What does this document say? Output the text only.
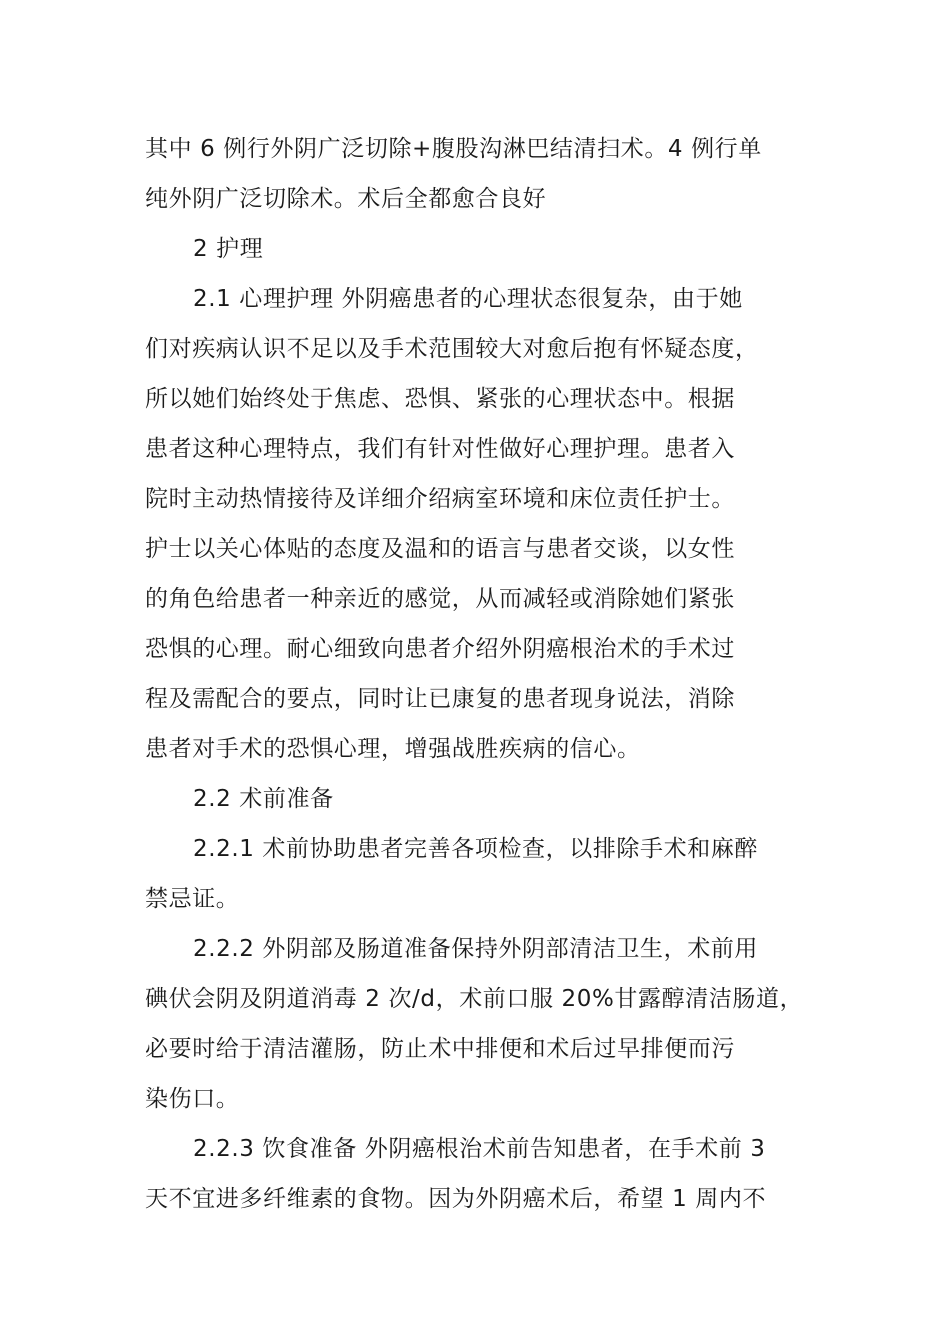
其中 6 例行外阴广泛切除+腹股沟淋巴结清扫术。4 例行单
纯外阴广泛切除术。术后全都愈合良好
2 护理
2.1 心理护理 外阴癌患者的心理状态很复杂，由于她
们对疾病认识不足以及手术范围较大对愈后抱有怀疑态度，
所以她们始终处于焦虑、恐惧、紧张的心理状态中。根据
患者这种心理特点，我们有针对性做好心理护理。患者入
院时主动热情接待及详细介绍病室环境和床位责任护士。
护士以关心体贴的态度及温和的语言与患者交谈，以女性
的角色给患者一种亲近的感觉，从而减轻或消除她们紧张
恐惧的心理。耐心细致向患者介绍外阴癌根治术的手术过
程及需配合的要点，同时让已康复的患者现身说法，消除
患者对手术的恐惧心理，增强战胜疾病的信心。
2.2 术前准备
2.2.1 术前协助患者完善各项检查，以排除手术和麻醉
禁忌证。
2.2.2 外阴部及肠道准备保持外阴部清洁卫生，术前用
碘伏会阴及阴道消毒 2 次/d，术前口服 20%甘露醇清洁肠道，
必要时给于清洁灌肠，防止术中排便和术后过早排便而污
染伤口。
2.2.3 饮食准备 外阴癌根治术前告知患者，在手术前 3
天不宜进多纤维素的食物。因为外阴癌术后，希望 1 周内不
